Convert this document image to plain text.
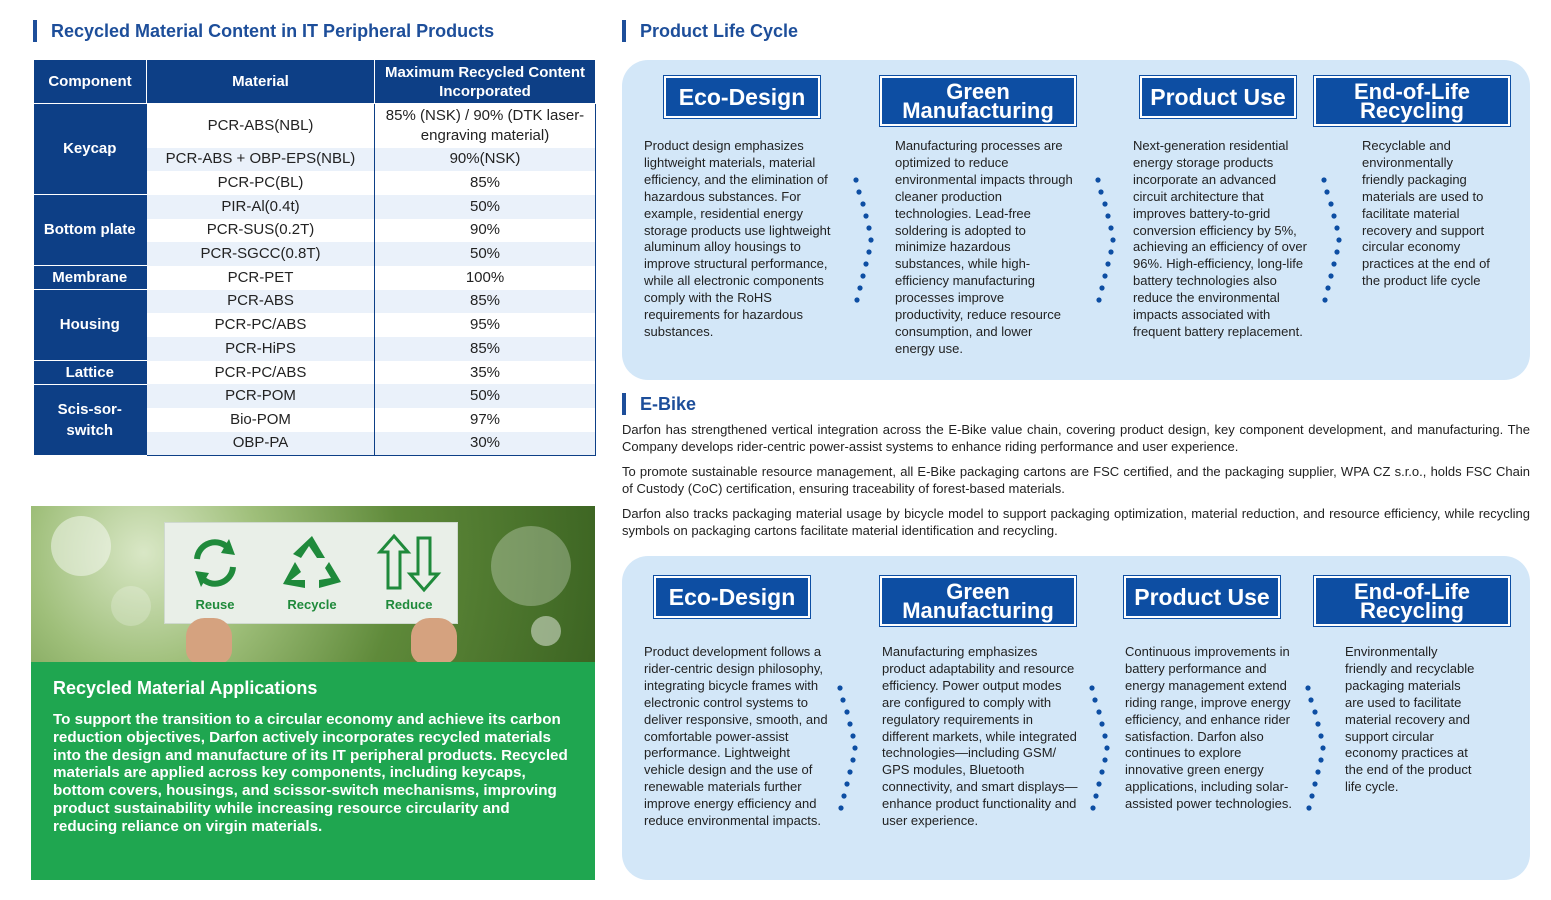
Recycled Material Content in IT Peripheral Products
Component	Material	Maximum Recycled Content Incorporated
Keycap	PCR-ABS(NBL)	85% (NSK) / 90% (DTK laser-engraving material)
	PCR-ABS + OBP-EPS(NBL)	90%(NSK)
	PCR-PC(BL)	85%
Bottom plate	PIR-Al(0.4t)	50%
	PCR-SUS(0.2T)	90%
	PCR-SGCC(0.8T)	50%
Membrane	PCR-PET	100%
Housing	PCR-ABS	85%
	PCR-PC/ABS	95%
	PCR-HiPS	85%
Lattice	PCR-PC/ABS	35%
Scis-sor-switch	PCR-POM	50%
	Bio-POM	97%
	OBP-PA	30%
Reuse	Recycle	Reduce
Recycled Material Applications

To support the transition to a circular economy and achieve its carbon reduction objectives, Darfon actively incorporates recycled materials into the design and manufacture of its IT peripheral products. Recycled materials are applied across key components, including keycaps, bottom covers, housings, and scissor-switch mechanisms, improving product sustainability while increasing resource circularity and reducing reliance on virgin materials.

Product Life Cycle
Eco-Design	Green Manufacturing
Product Use	End-of-Life Recycling
Product design emphasizes lightweight materials, material efficiency, and the elimination of hazardous substances. For example, residential energy storage products use lightweight aluminum alloy housings to improve structural performance, while all electronic components comply with the RoHS requirements for hazardous substances.
Manufacturing processes are optimized to reduce environmental impacts through cleaner production technologies. Lead-free soldering is adopted to minimize hazardous substances, while high-efficiency manufacturing processes improve productivity, reduce resource consumption, and lower energy use.
Next-generation residential energy storage products incorporate an advanced circuit architecture that improves battery-to-grid conversion efficiency by 5%, achieving an efficiency of over 96%. High-efficiency, long-life battery technologies also reduce the environmental impacts associated with frequent battery replacement.
Recyclable and environmentally friendly packaging materials are used to facilitate material recovery and support circular economy practices at the end of the product life cycle
E-Bike

Darfon has strengthened vertical integration across the E-Bike value chain, covering product design, key component development, and manufacturing. The Company develops rider-centric power-assist systems to enhance riding performance and user experience.

To promote sustainable resource management, all E-Bike packaging cartons are FSC certified, and the packaging supplier, WPA CZ s.r.o., holds FSC Chain of Custody (CoC) certification, ensuring traceability of forest-based materials.

Darfon also tracks packaging material usage by bicycle model to support packaging optimization, material reduction, and resource efficiency, while recycling symbols on packaging cartons facilitate material identification and recycling.

Eco-Design	Green Manufacturing
Product Use	End-of-Life Recycling
Product development follows a rider-centric design philosophy, integrating bicycle frames with electronic control systems to deliver responsive, smooth, and comfortable power-assist performance. Lightweight vehicle design and the use of renewable materials further improve energy efficiency and reduce environmental impacts.
Manufacturing emphasizes product adaptability and resource efficiency. Power output modes are configured to comply with regulatory requirements in different markets, while integrated technologies—including GSM/ GPS modules, Bluetooth connectivity, and smart displays—enhance product functionality and user experience.
Continuous improvements in battery performance and energy management extend riding range, improve energy efficiency, and enhance rider satisfaction. Darfon also continues to explore innovative green energy applications, including solar-assisted power technologies.
Environmentally friendly and recyclable packaging materials are used to facilitate material recovery and support circular economy practices at the end of the product life cycle.
